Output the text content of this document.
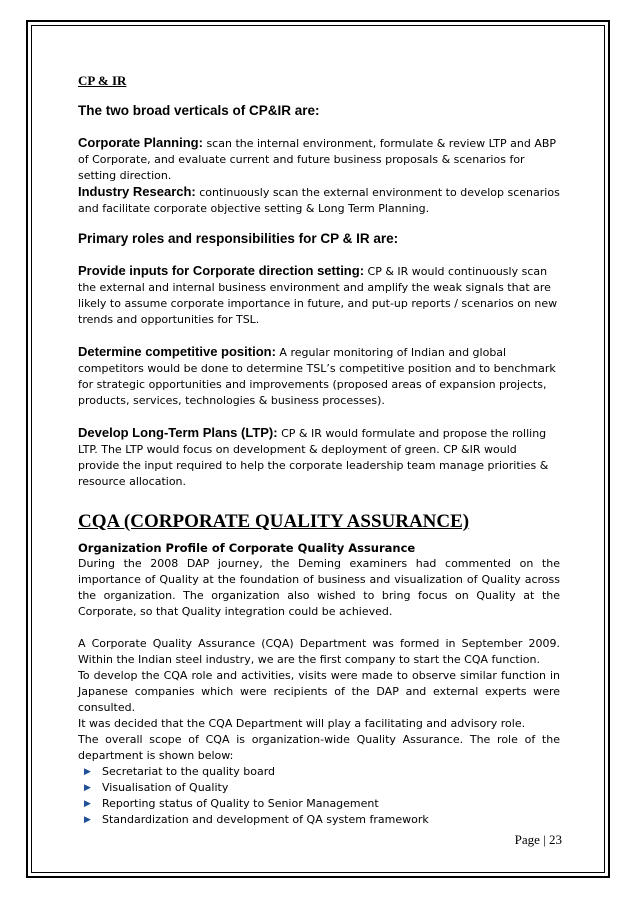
CP & IR

The two broad verticals of CP&IR are:

Corporate Planning: scan the internal environment, formulate & review LTP and ABP of Corporate, and evaluate current and future business proposals & scenarios for setting direction.

Industry Research: continuously scan the external environment to develop scenarios and facilitate corporate objective setting & Long Term Planning.

Primary roles and responsibilities for CP & IR are:

Provide inputs for Corporate direction setting: CP & IR would continuously scan the external and internal business environment and amplify the weak signals that are likely to assume corporate importance in future, and put-up reports / scenarios on new trends and opportunities for TSL.

Determine competitive position: A regular monitoring of Indian and global competitors would be done to determine TSL’s competitive position and to benchmark for strategic opportunities and improvements (proposed areas of expansion projects, products, services, technologies & business processes).

Develop Long-Term Plans (LTP): CP & IR would formulate and propose the rolling LTP. The LTP would focus on development & deployment of green. CP &IR would provide the input required to help the corporate leadership team manage priorities & resource allocation.

CQA (CORPORATE QUALITY ASSURANCE)

Organization Profile of Corporate Quality Assurance

During the 2008 DAP journey, the Deming examiners had commented on the importance of Quality at the foundation of business and visualization of Quality across the organization. The organization also wished to bring focus on Quality at the Corporate, so that Quality integration could be achieved.

A Corporate Quality Assurance (CQA) Department was formed in September 2009. Within the Indian steel industry, we are the first company to start the CQA function.

To develop the CQA role and activities, visits were made to observe similar function in Japanese companies which were recipients of the DAP and external experts were consulted.

It was decided that the CQA Department will play a facilitating and advisory role.

The overall scope of CQA is organization-wide Quality Assurance. The role of the department is shown below:

▶	Secretariat to the quality board
▶	Visualisation of Quality
▶	Reporting status of Quality to Senior Management
▶	Standardization and development of QA system framework
Page | 23
